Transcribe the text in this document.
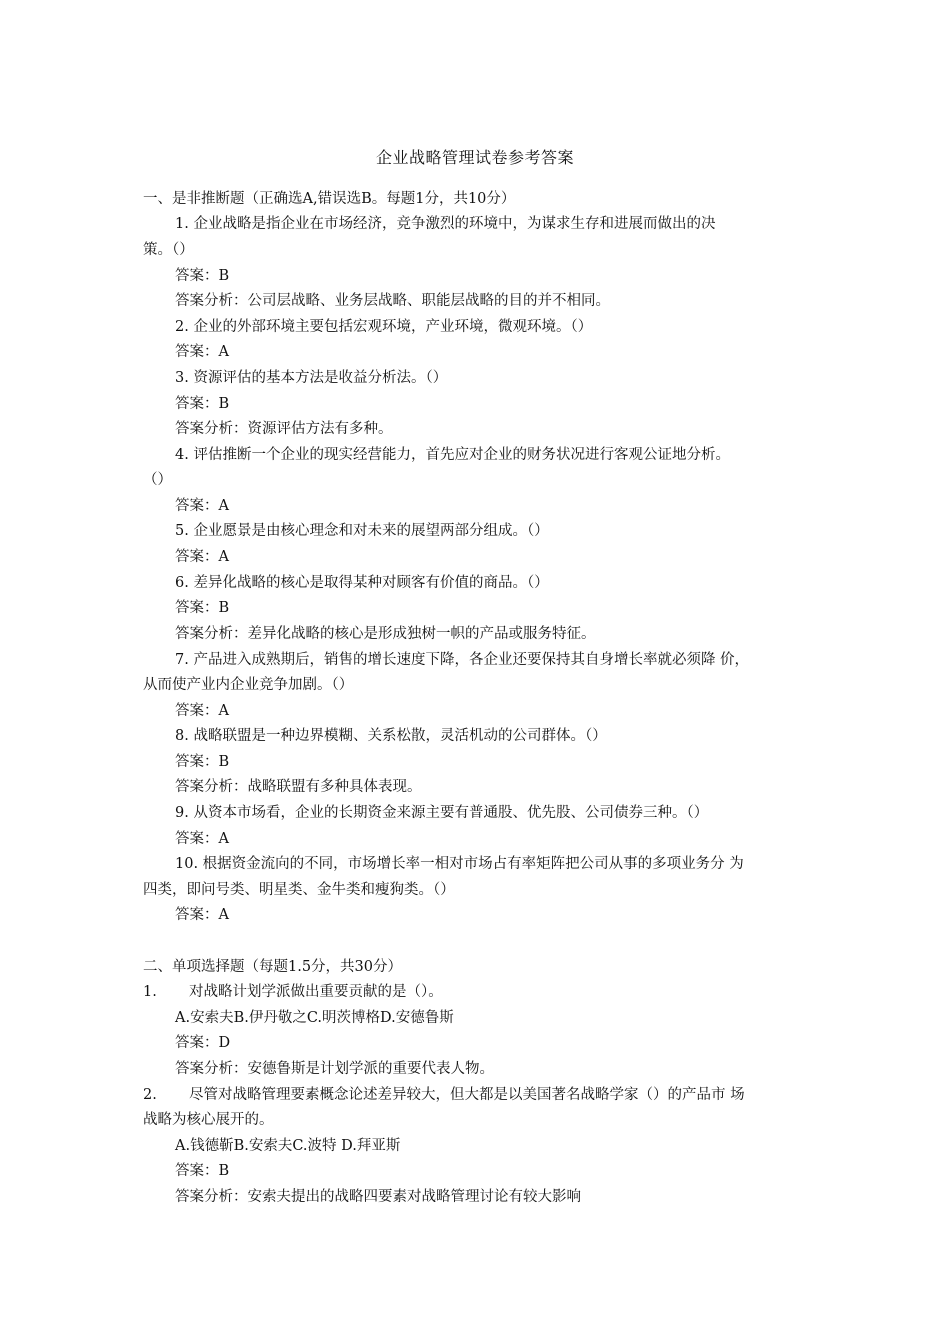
企业战略管理试卷参考答案
一、是非推断题（正确选A,错误选B。每题1分，共10分）
1. 企业战略是指企业在市场经济，竞争激烈的环境中，为谋求生存和进展而做出的决
策。（）
答案：B
答案分析：公司层战略、业务层战略、职能层战略的目的并不相同。
2. 企业的外部环境主要包括宏观环境，产业环境，微观环境。（）
答案：A
3. 资源评估的基本方法是收益分析法。（）
答案：B
答案分析：资源评估方法有多种。
4. 评估推断一个企业的现实经营能力，首先应对企业的财务状况进行客观公证地分析。
（）
答案：A
5. 企业愿景是由核心理念和对未来的展望两部分组成。（）
答案：A
6. 差异化战略的核心是取得某种对顾客有价值的商品。（）
答案：B
答案分析：差异化战略的核心是形成独树一帜的产品或服务特征。
7. 产品进入成熟期后，销售的增长速度下降，各企业还要保持其自身增长率就必须降 价，
从而使产业内企业竞争加剧。（）
答案：A
8. 战略联盟是一种边界模糊、关系松散，灵活机动的公司群体。（）
答案：B
答案分析：战略联盟有多种具体表现。
9. 从资本市场看，企业的长期资金来源主要有普通股、优先股、公司债券三种。（）
答案：A
10. 根据资金流向的不同，市场增长率一相对市场占有率矩阵把公司从事的多项业务分 为
四类，即问号类、明星类、金牛类和瘦狗类。（）
答案：A
二、单项选择题（每题1.5分，共30分）
1. 对战略计划学派做出重要贡献的是（）。
A.安索夫B.伊丹敬之C.明茨博格D.安德鲁斯
答案：D
答案分析：安德鲁斯是计划学派的重要代表人物。
2. 尽管对战略管理要素概念论述差异较大，但大都是以美国著名战略学家（）的产品市 场
战略为核心展开的。
A.钱德靳B.安索夫C.波特 D.拜亚斯
答案：B
答案分析：安索夫提出的战略四要素对战略管理讨论有较大影响
